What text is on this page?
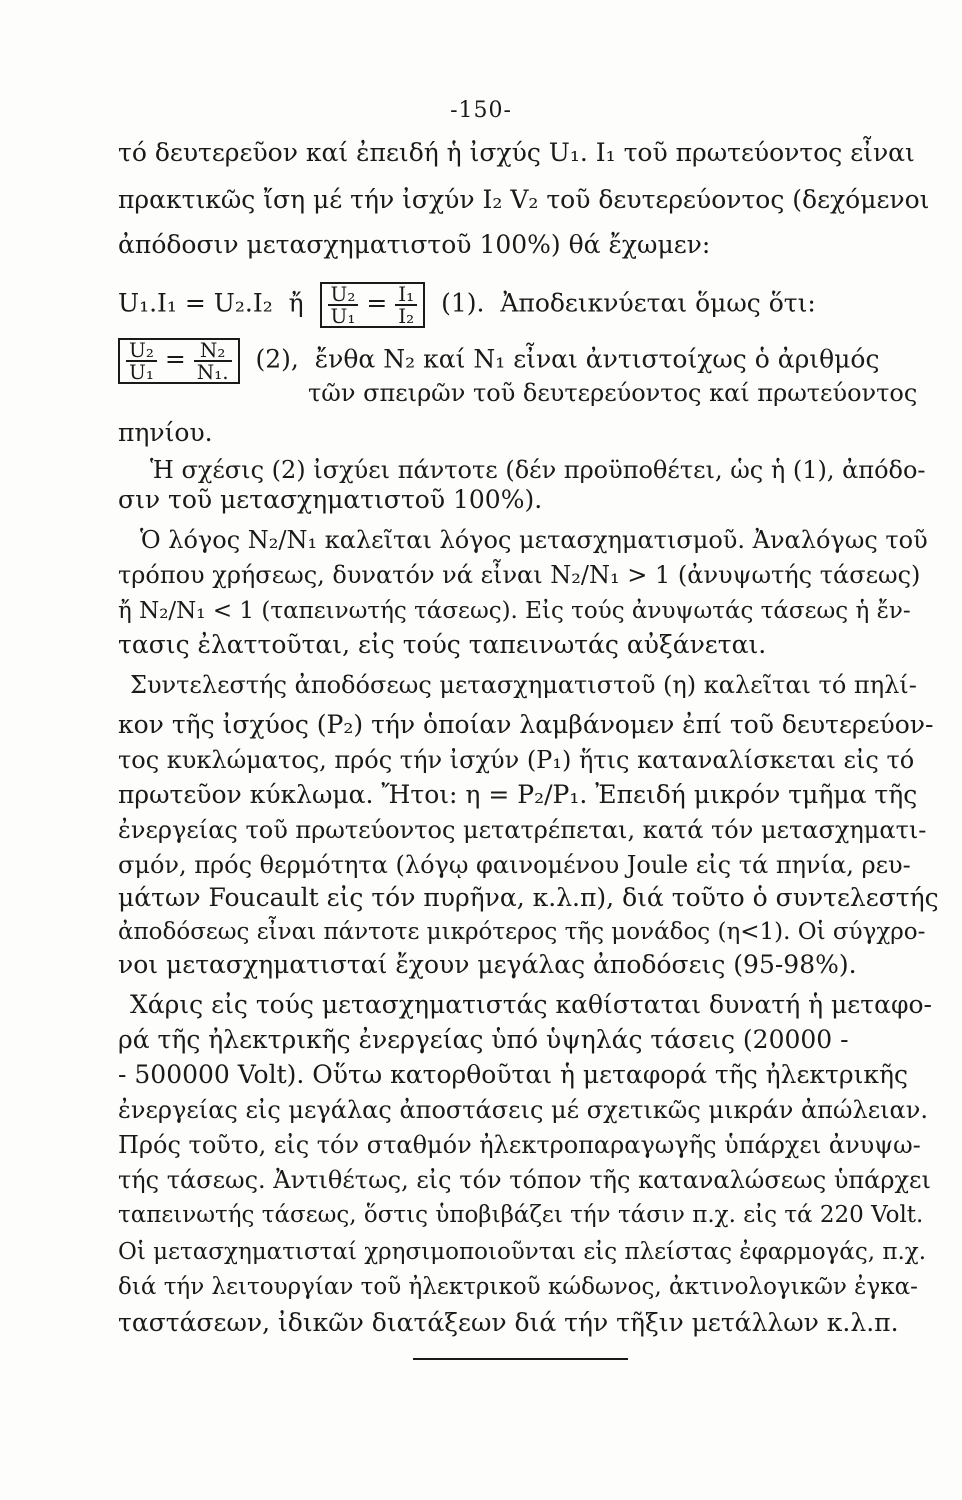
-150-
τό δευτερεῦον καί ἐπειδή ἡ ἰσχύς U₁. I₁ τοῦ πρωτεύοντος εἶναι
πρακτικῶς ἴση μέ τήν ἰσχύν I₂ V₂ τοῦ δευτερεύοντος (δεχόμενοι
ἀπόδοσιν μετασχηματιστοῦ 100%) θά ἔχωμεν:
U₁.I₁ = U₂.I₂ ἤ $\frac{\text{U₂}}{\text{U₁}} = \frac{\text{I₁}}{\text{I₂}} (1)$. Ἀποδεικνύεται ὅμως ὅτι:
$\frac{\text{U₂}}{\text{U₁}} = \frac{\text{N₂}}{\text{N₁.}} (2)$, ἔνθα N₂ καί N₁ εἶναι ἀντιστοίχως ὁ ἀριθμός
τῶν σπειρῶν τοῦ δευτερεύοντος καί πρωτεύοντος
πηνίου.
Ἡ σχέσις (2) ἰσχύει πάντοτε (δέν προϋποθέτει, ὡς ἡ (1), ἀπόδο-
σιν τοῦ μετασχηματιστοῦ 100%).
Ὁ λόγος N₂/N₁ καλεῖται λόγος μετασχηματισμοῦ. Ἀναλόγως τοῦ
τρόπου χρήσεως, δυνατόν νά εἶναι N₂/N₁ > 1 (ἀνυψωτής τάσεως)
ἤ N₂/N₁ < 1 (ταπεινωτής τάσεως). Εἰς τούς ἀνυψωτάς τάσεως ἡ ἔν-
τασις ἐλαττοῦται, εἰς τούς ταπεινωτάς αὐξάνεται.
Συντελεστής ἀποδόσεως μετασχηματιστοῦ (η) καλεῖται τό πηλί-
κον τῆς ἰσχύος (P₂) τήν ὁποίαν λαμβάνομεν ἐπί τοῦ δευτερεύον-
τος κυκλώματος, πρός τήν ἰσχύν (P₁) ἥτις καταναλίσκεται εἰς τό
πρωτεῦον κύκλωμα. Ἤτοι: η = P₂/P₁. Ἐπειδή μικρόν τμῆμα τῆς
ἐνεργείας τοῦ πρωτεύοντος μετατρέπεται, κατά τόν μετασχηματι-
σμόν, πρός θερμότητα (λόγῳ φαινομένου Joule εἰς τά πηνία, ρευ-
μάτων Foucault εἰς τόν πυρῆνα, κ.λ.π), διά τοῦτο ὁ συντελεστής
ἀποδόσεως εἶναι πάντοτε μικρότερος τῆς μονάδος (η<1). Οἱ σύγχρο-
νοι μετασχηματισταί ἔχουν μεγάλας ἀποδόσεις (95-98%).
Χάρις εἰς τούς μετασχηματιστάς καθίσταται δυνατή ἡ μεταφο-
ρά τῆς ἠλεκτρικῆς ἐνεργείας ὑπό ὑψηλάς τάσεις (20000 -
- 500000 Volt). Οὕτω κατορθοῦται ἡ μεταφορά τῆς ἠλεκτρικῆς
ἐνεργείας εἰς μεγάλας ἀποστάσεις μέ σχετικῶς μικράν ἀπώλειαν.
Πρός τοῦτο, εἰς τόν σταθμόν ἠλεκτροπαραγωγῆς ὑπάρχει ἀνυψω-
τής τάσεως. Ἀντιθέτως, εἰς τόν τόπον τῆς καταναλώσεως ὑπάρχει
ταπεινωτής τάσεως, ὅστις ὑποβιβάζει τήν τάσιν π.χ. εἰς τά 220 Volt.
Οἱ μετασχηματισταί χρησιμοποιοῦνται εἰς πλείστας ἐφαρμογάς, π.χ.
διά τήν λειτουργίαν τοῦ ἠλεκτρικοῦ κώδωνος, ἀκτινολογικῶν ἐγκα-
ταστάσεων, ἰδικῶν διατάξεων διά τήν τῆξιν μετάλλων κ.λ.π.
